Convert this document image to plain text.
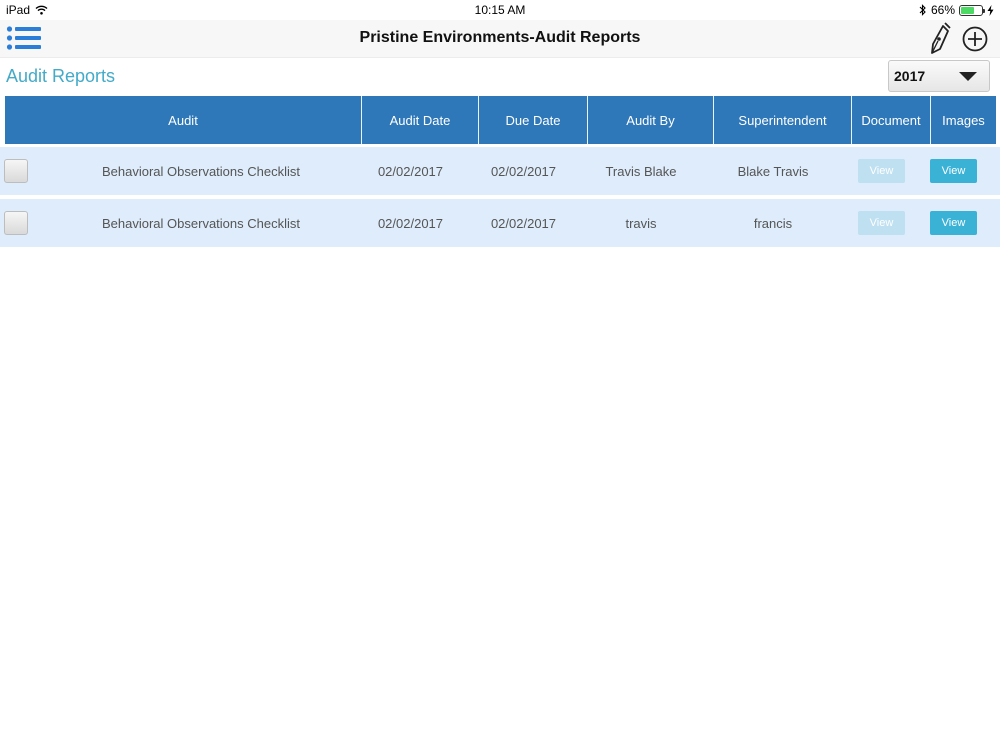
iPad	10:15 AM	66%
Pristine Environments-Audit Reports
Audit Reports	2017
Audit	Audit Date	Due Date	Audit By	Superintendent	Document	Images
Behavioral Observations Checklist	02/02/2017	02/02/2017	Travis Blake	Blake Travis	View	View
Behavioral Observations Checklist	02/02/2017	02/02/2017	travis	francis	View	View
